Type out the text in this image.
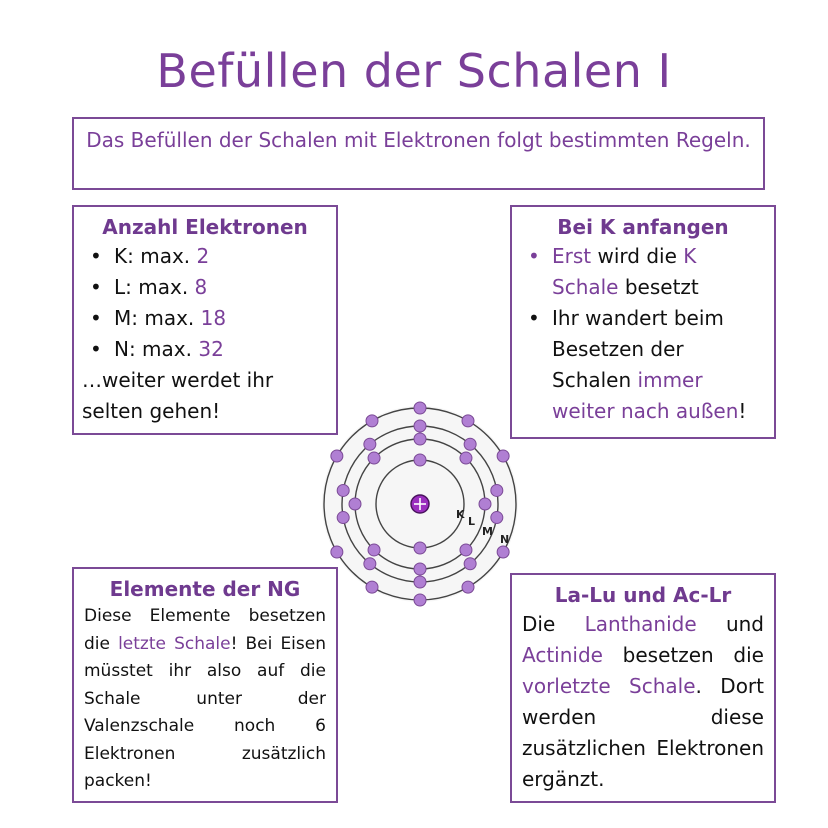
Befüllen der Schalen I
Das Befüllen der Schalen mit Elektronen folgt bestimmten Regeln.
Anzahl Elektronen
• K: max. 2
• L: max. 8
• M: max. 18
• N: max. 32
…weiter werdet ihr selten gehen!
Bei K anfangen
• Erst wird die K Schale besetzt
• Ihr wandert beim Besetzen der Schalen immer weiter nach außen!
Elemente der NG
Diese Elemente besetzen die letzte Schale! Bei Eisen müsstet ihr also auf die Schale unter der Valenzschale noch 6 Elektronen zusätzlich packen!
La-Lu und Ac-Lr
Die Lanthanide und Actinide besetzen die vorletzte Schale. Dort werden diese zusätzlichen Elektronen ergänzt.
K
L
M
N
